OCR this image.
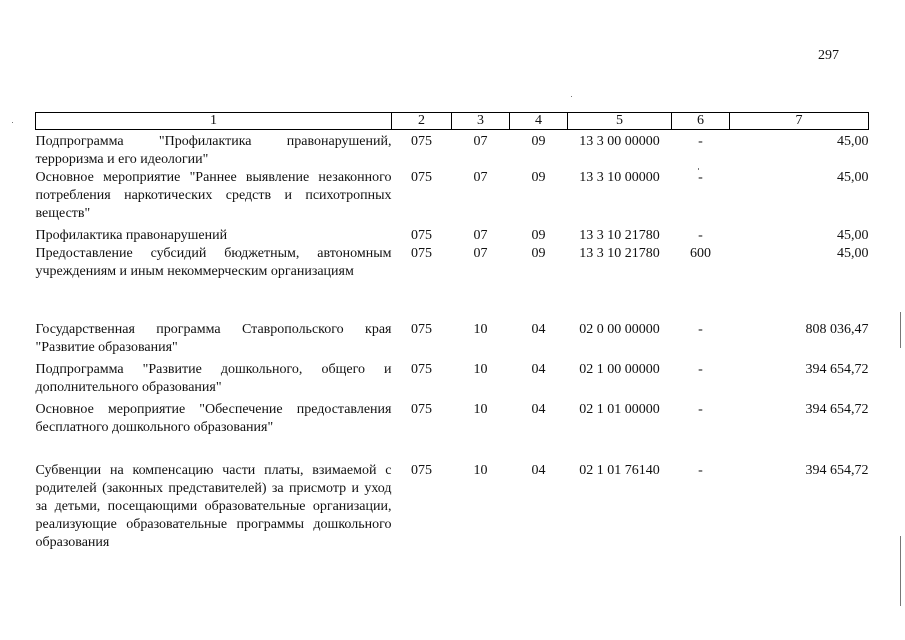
297
1	2	3	4	5	6	7
Подпрограмма "Профилактика правонарушений, терроризма и его идеологии"	075	07	09	13 3 00 00000	-	45,00
Основное мероприятие "Раннее выявление незаконного потребления наркотических средств и психотропных веществ"	075	07	09	13 3 10 00000	-	45,00
Профилактика правонарушений	075	07	09	13 3 10 21780	-	45,00
Предоставление субсидий бюджетным, автономным учреждениям и иным некоммерческим организациям	075	07	09	13 3 10 21780	600	45,00
Государственная программа Ставропольского края "Развитие образования"	075	10	04	02 0 00 00000	-	808 036,47
Подпрограмма "Развитие дошкольного, общего и дополнительного образования"	075	10	04	02 1 00 00000	-	394 654,72
Основное мероприятие "Обеспечение предоставления бесплатного дошкольного образования"	075	10	04	02 1 01 00000	-	394 654,72
Субвенции на компенсацию части платы, взимаемой с родителей (законных представителей) за присмотр и уход за детьми, посещающими образовательные организации, реализующие образовательные программы дошкольного образования	075	10	04	02 1 01 76140	-	394 654,72
